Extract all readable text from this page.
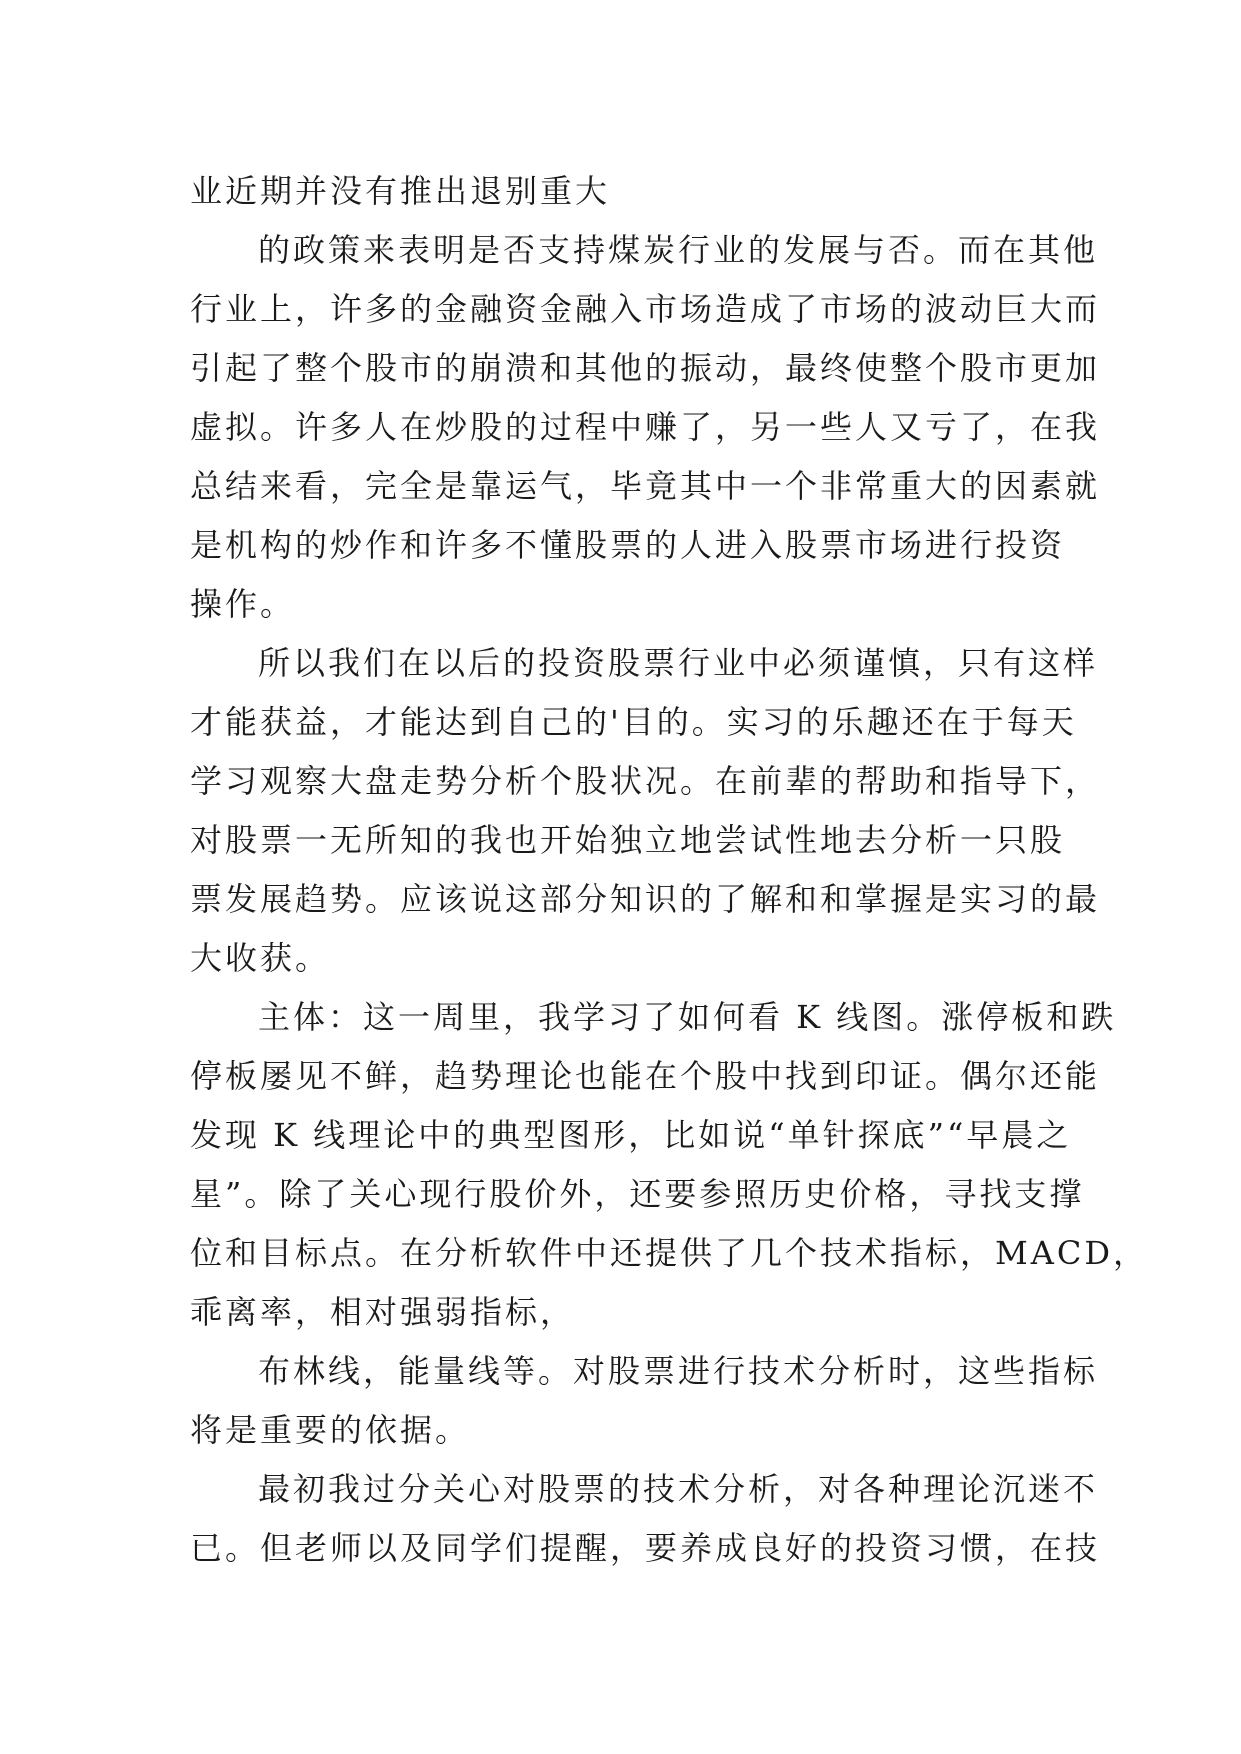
业近期并没有推出退别重大
的政策来表明是否支持煤炭行业的发展与否。而在其他
行业上，许多的金融资金融入市场造成了市场的波动巨大而
引起了整个股市的崩溃和其他的振动，最终使整个股市更加
虚拟。许多人在炒股的过程中赚了，另一些人又亏了，在我
总结来看，完全是靠运气，毕竟其中一个非常重大的因素就
是机构的炒作和许多不懂股票的人进入股票市场进行投资
操作。
所以我们在以后的投资股票行业中必须谨慎，只有这样
才能获益，才能达到自己的'目的。实习的乐趣还在于每天
学习观察大盘走势分析个股状况。在前辈的帮助和指导下，
对股票一无所知的我也开始独立地尝试性地去分析一只股
票发展趋势。应该说这部分知识的了解和和掌握是实习的最
大收获。
主体：这一周里，我学习了如何看 K 线图。涨停板和跌
停板屡见不鲜，趋势理论也能在个股中找到印证。偶尔还能
发现 K 线理论中的典型图形，比如说“单针探底”“早晨之
星”。除了关心现行股价外，还要参照历史价格，寻找支撑
位和目标点。在分析软件中还提供了几个技术指标，MACD，
乖离率，相对强弱指标，
布林线，能量线等。对股票进行技术分析时，这些指标
将是重要的依据。
最初我过分关心对股票的技术分析，对各种理论沉迷不
已。但老师以及同学们提醒，要养成良好的投资习惯，在技
